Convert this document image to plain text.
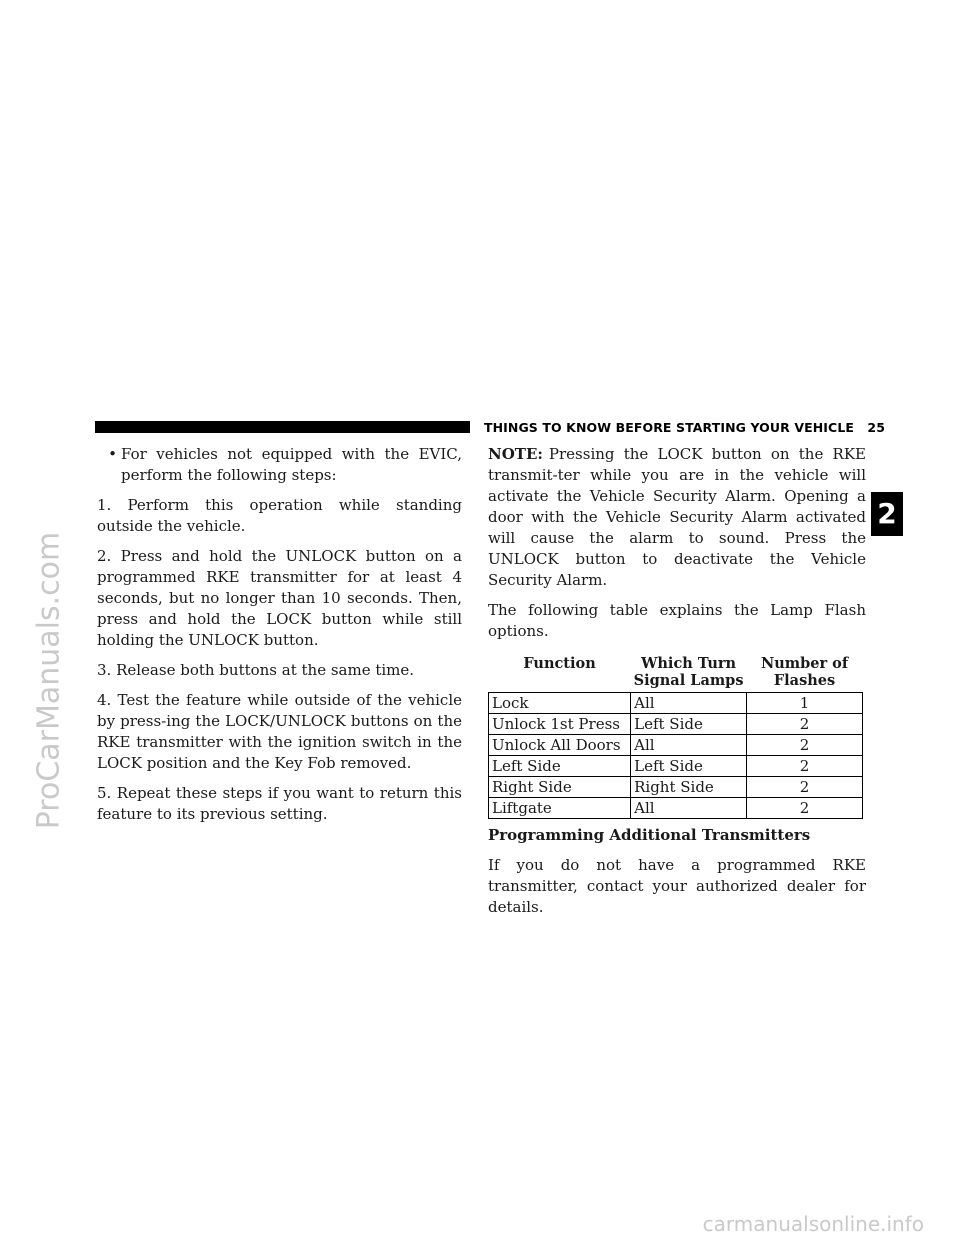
ProCarManuals.com
THINGS TO KNOW BEFORE STARTING YOUR VEHICLE 25
2
• For vehicles not equipped with the EVIC, perform the following steps:

1. Perform this operation while standing outside the vehicle.

2. Press and hold the UNLOCK button on a programmed RKE transmitter for at least 4 seconds, but no longer than 10 seconds. Then, press and hold the LOCK button while still holding the UNLOCK button.

3. Release both buttons at the same time.

4. Test the feature while outside of the vehicle by press-ing the LOCK/UNLOCK buttons on the RKE transmitter with the ignition switch in the LOCK position and the Key Fob removed.

5. Repeat these steps if you want to return this feature to its previous setting.

NOTE: Pressing the LOCK button on the RKE transmit-ter while you are in the vehicle will activate the Vehicle Security Alarm. Opening a door with the Vehicle Security Alarm activated will cause the alarm to sound. Press the UNLOCK button to deactivate the Vehicle Security Alarm.

The following table explains the Lamp Flash options.

Function	Which Turn Signal Lamps	Number of Flashes
Lock	All	1
Unlock 1st Press	Left Side	2
Unlock All Doors	All	2
Left Side	Left Side	2
Right Side	Right Side	2
Liftgate	All	2

Programming Additional Transmitters

If you do not have a programmed RKE transmitter, contact your authorized dealer for details.

carmanualsonline.info
